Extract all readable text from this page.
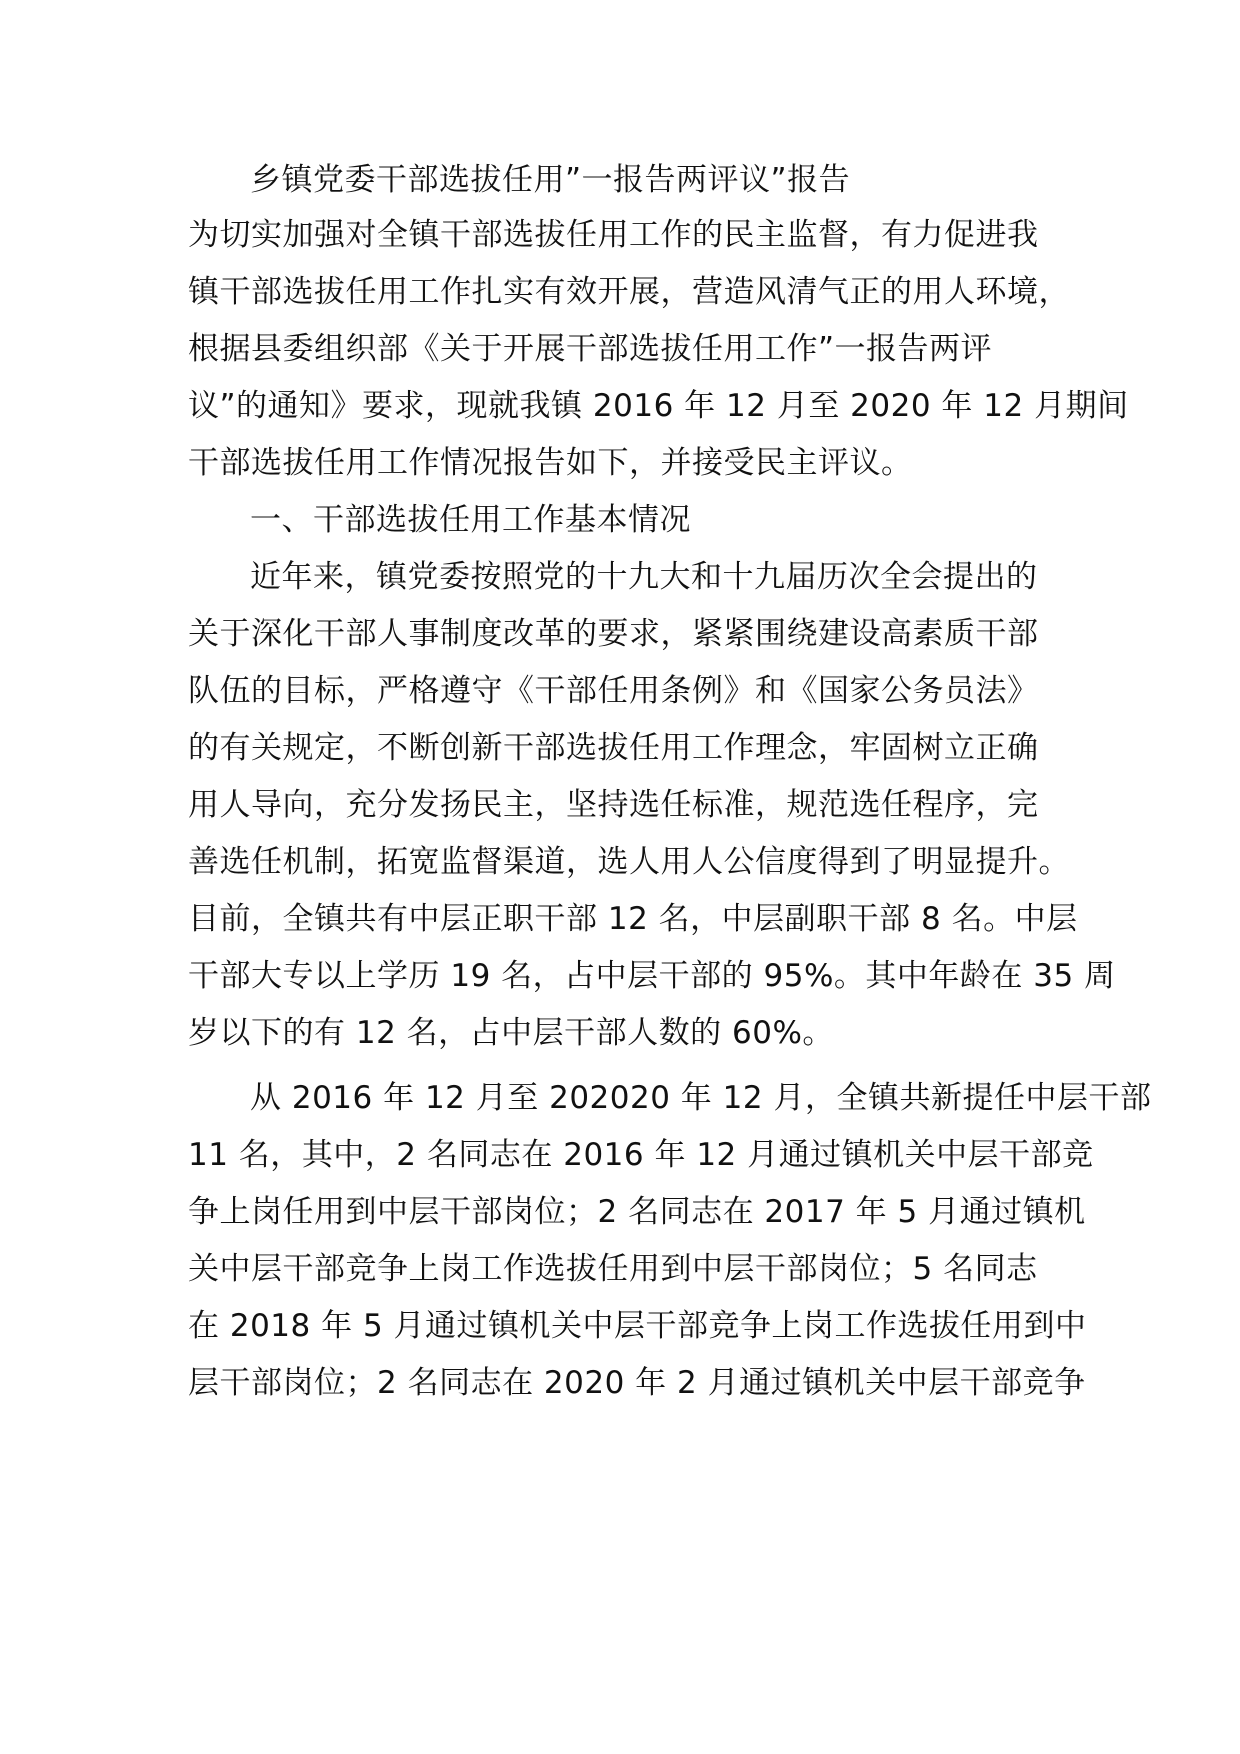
乡镇党委干部选拔任用”一报告两评议”报告
为切实加强对全镇干部选拔任用工作的民主监督，有力促进我
镇干部选拔任用工作扎实有效开展，营造风清气正的用人环境，
根据县委组织部《关于开展干部选拔任用工作”一报告两评
议”的通知》要求，现就我镇 2016 年 12 月至 2020 年 12 月期间
干部选拔任用工作情况报告如下，并接受民主评议。
一、干部选拔任用工作基本情况
近年来，镇党委按照党的十九大和十九届历次全会提出的
关于深化干部人事制度改革的要求，紧紧围绕建设高素质干部
队伍的目标，严格遵守《干部任用条例》和《国家公务员法》
的有关规定，不断创新干部选拔任用工作理念，牢固树立正确
用人导向，充分发扬民主，坚持选任标准，规范选任程序，完
善选任机制，拓宽监督渠道，选人用人公信度得到了明显提升。
目前，全镇共有中层正职干部 12 名，中层副职干部 8 名。中层
干部大专以上学历 19 名，占中层干部的 95%。其中年龄在 35 周
岁以下的有 12 名，占中层干部人数的 60%。
从 2016 年 12 月至 202020 年 12 月，全镇共新提任中层干部
11 名，其中，2 名同志在 2016 年 12 月通过镇机关中层干部竞
争上岗任用到中层干部岗位；2 名同志在 2017 年 5 月通过镇机
关中层干部竞争上岗工作选拔任用到中层干部岗位；5 名同志
在 2018 年 5 月通过镇机关中层干部竞争上岗工作选拔任用到中
层干部岗位；2 名同志在 2020 年 2 月通过镇机关中层干部竞争
